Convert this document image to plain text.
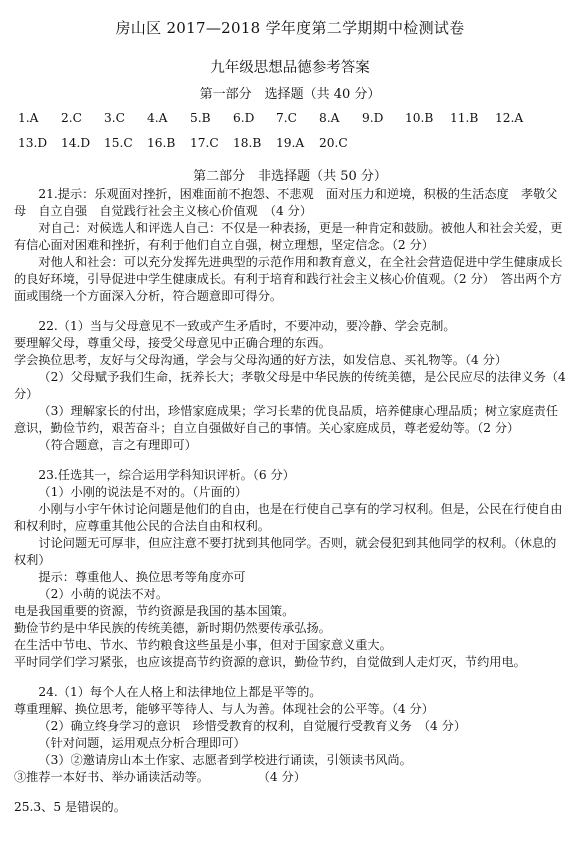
房山区 2017—2018 学年度第二学期期中检测试卷
九年级思想品德参考答案
第一部分　选择题（共 40 分）
1.A	2.C	3.C	4.A	5.B	6.D	7.C	8.A	9.D	10.B	11.B	12.A
13.D	14.D	15.C	16.B	17.C	18.B	19.A	20.C
第二部分　非选择题（共 50 分）

21.提示：乐观面对挫折，困难面前不抱怨、不悲观　面对压力和逆境，积极的生活态度　孝敬父母　自立自强　自觉践行社会主义核心价值观　（4 分）

对自己：对候选人和评选人自己：不仅是一种表扬，更是一种肯定和鼓励。被他人和社会关爱，更有信心面对困难和挫折，有利于他们自立自强，树立理想，坚定信念。（2 分）

对他人和社会：可以充分发挥先进典型的示范作用和教育意义，在全社会营造促进中学生健康成长的良好环境，引导促进中学生健康成长。有利于培育和践行社会主义核心价值观。（2 分）　答出两个方面或围绕一个方面深入分析，符合题意即可得分。

22.（1）当与父母意见不一致或产生矛盾时，不要冲动，要冷静、学会克制。

要理解父母，尊重父母，接受父母意见中正确合理的东西。

学会换位思考，友好与父母沟通，学会与父母沟通的好方法，如发信息、买礼物等。（4 分）

（2）父母赋予我们生命，抚养长大；孝敬父母是中华民族的传统美德，是公民应尽的法律义务（4 分）

（3）理解家长的付出，珍惜家庭成果；学习长辈的优良品质，培养健康心理品质；树立家庭责任意识，勤俭节约，艰苦奋斗；自立自强做好自己的事情。关心家庭成员，尊老爱幼等。（2 分）

（符合题意，言之有理即可）

23.任选其一，综合运用学科知识评析。（6 分）

（1）小刚的说法是不对的。（片面的）

小刚与小宇午休讨论问题是他们的自由，也是在行使自己享有的学习权利。但是，公民在行使自由和权利时，应尊重其他公民的合法自由和权利。

讨论问题无可厚非，但应注意不要打扰到其他同学。否则，就会侵犯到其他同学的权利。（休息的权利）

提示：尊重他人、换位思考等角度亦可

（2）小萌的说法不对。

电是我国重要的资源，节约资源是我国的基本国策。

勤俭节约是中华民族的传统美德，新时期仍然要传承弘扬。

在生活中节电、节水、节约粮食这些虽是小事，但对于国家意义重大。

平时同学们学习紧张，也应该提高节约资源的意识，勤俭节约，自觉做到人走灯灭，节约用电。

24.（1）每个人在人格上和法律地位上都是平等的。

尊重理解、换位思考，能够平等待人、与人为善。体现社会的公平等。（4 分）

（2）确立终身学习的意识　珍惜受教育的权利，自觉履行受教育义务　（4 分）

（针对问题，运用观点分析合理即可）

（3）②邀请房山本土作家、志愿者到学校进行诵读，引领读书风尚。

③推荐一本好书、举办诵读活动等。　　　　　（4 分）

25.3、5 是错误的。
